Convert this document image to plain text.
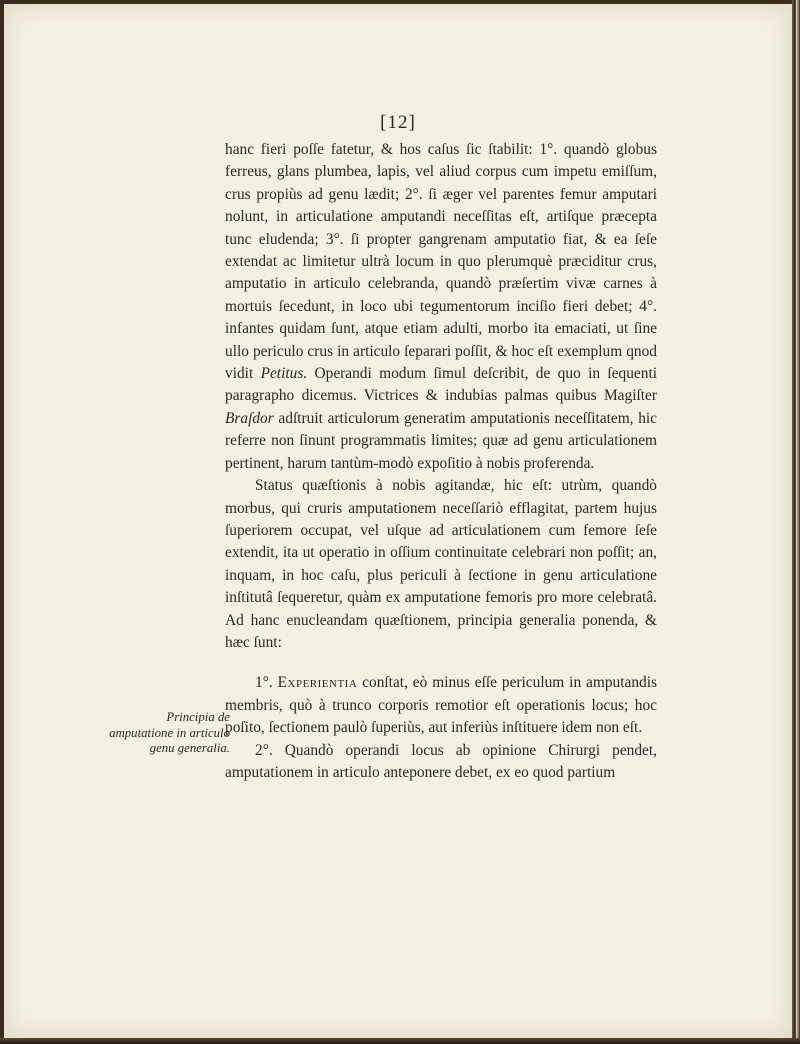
[12]

hanc fieri poſſe fatetur, & hos caſus ſic ſtabilit: 1°. quandò globus ferreus, glans plumbea, lapis, vel aliud corpus cum impetu emiſſum, crus propiùs ad genu lædit; 2°. ſi æger vel parentes femur amputari nolunt, in articulatione amputandi neceſſitas eſt, artiſque præcepta tunc eludenda; 3°. ſi propter gangrenam amputatio fiat, & ea ſeſe extendat ac limitetur ultrà locum in quo plerumquè præciditur crus, amputatio in articulo celebranda, quandò præſertim vivæ carnes à mortuis ſecedunt, in loco ubi tegumentorum inciſio fieri debet; 4°. infantes quidam ſunt, atque etiam adulti, morbo ita emaciati, ut ſine ullo periculo crus in articulo ſeparari poſſit, & hoc eſt exemplum qnod vidit Petitus. Operandi modum ſimul deſcribit, de quo in ſequenti paragrapho dicemus. Victrices & indubias palmas quibus Magiſter Braſdor adſtruit articulorum generatim amputationis neceſſitatem, hic referre non ſinunt programmatis limites; quæ ad genu articulationem pertinent, harum tantùm-modò expoſitio à nobis proferenda.

Status quæſtionis à nobis agitandæ, hic eſt: utrùm, quandò morbus, qui cruris amputationem neceſſariò efflagitat, partem hujus ſuperiorem occupat, vel uſque ad articulationem cum femore ſeſe extendit, ita ut operatio in oſſium continuitate celebrari non poſſit; an, inquam, in hoc caſu, plus periculi à ſectione in genu articulatione inſtitutâ ſequeretur, quàm ex amputatione femoris pro more celebratâ. Ad hanc enucleandam quæſtionem, principia generalia ponenda, & hæc ſunt:

1°. Experientia conſtat, eò minus eſſe periculum in amputandis membris, quò à trunco corporis remotior eſt operationis locus; hoc poſito, ſectionem paulò ſuperiùs, aut inferiùs inſtituere idem non eſt.

2°. Quandò operandi locus ab opinione Chirurgi pendet, amputationem in articulo anteponere debet, ex eo quod partium

Principia de amputatione in articulo genu generalia.
